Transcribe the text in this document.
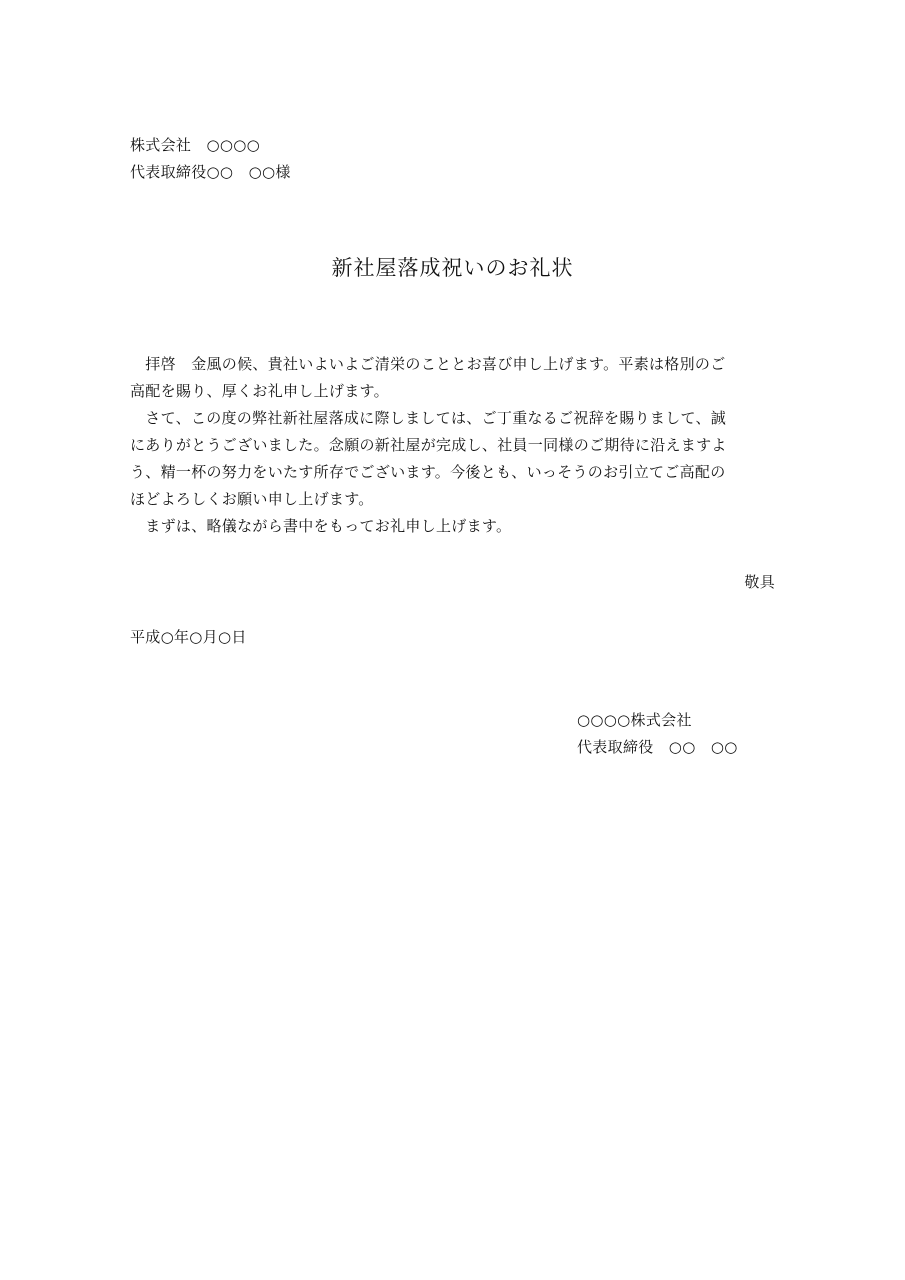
株式会社　○○○○
代表取締役○○　○○様
新社屋落成祝いのお礼状
　拝啓　金風の候、貴社いよいよご清栄のこととお喜び申し上げます。平素は格別のご
高配を賜り、厚くお礼申し上げます。
　さて、この度の弊社新社屋落成に際しましては、ご丁重なるご祝辞を賜りまして、誠
にありがとうございました。念願の新社屋が完成し、社員一同様のご期待に沿えますよ
う、精一杯の努力をいたす所存でございます。今後とも、いっそうのお引立てご高配の
ほどよろしくお願い申し上げます。
　まずは、略儀ながら書中をもってお礼申し上げます。
敬具
平成○年○月○日
○○○○株式会社
代表取締役　○○　○○
